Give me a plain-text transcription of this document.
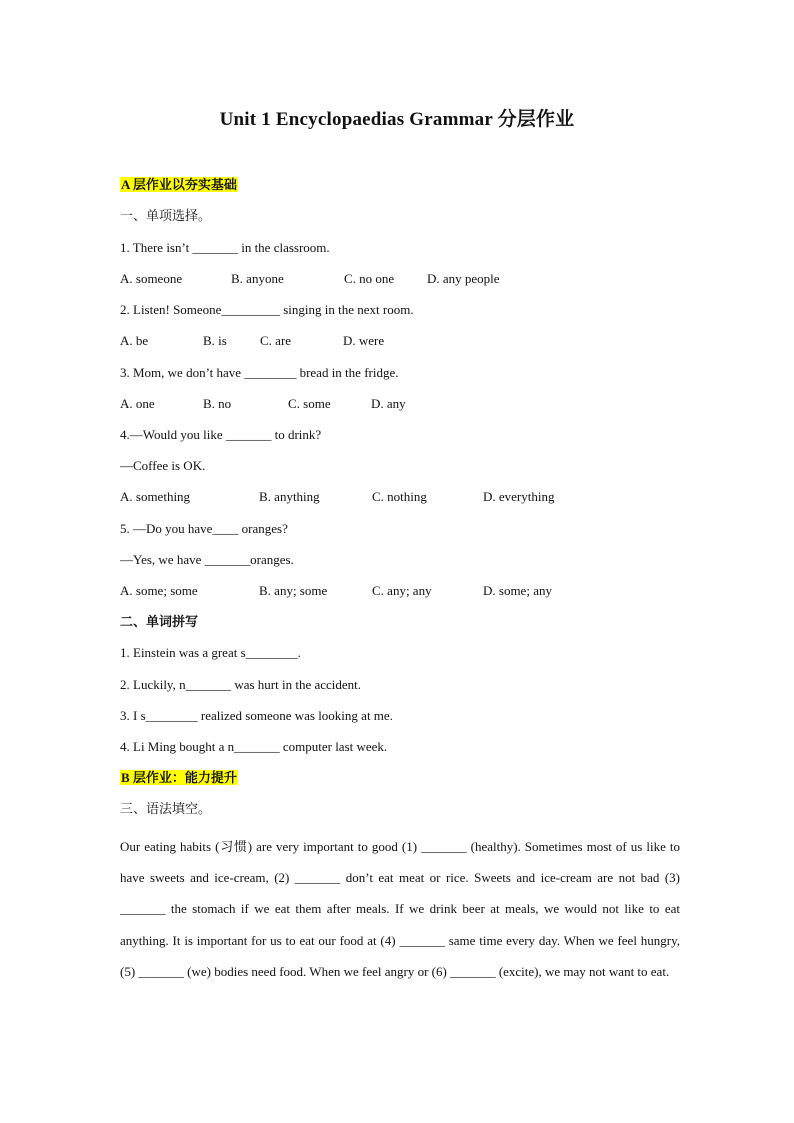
Unit 1 Encyclopaedias Grammar 分层作业
A 层作业以夯实基础
一、单项选择。
1. There isn’t _______ in the classroom.
A. someone	B. anyone	C. no one	D. any people
2. Listen! Someone_________ singing in the next room.
A. be	B. is	C. are	D. were
3. Mom, we don’t have ________ bread in the fridge.
A. one	B. no	C. some	D. any
4.—Would you like _______ to drink?
—Coffee is OK.
A. something	B. anything	C. nothing	D. everything
5. —Do you have____ oranges?
—Yes, we have _______oranges.
A. some; some	B. any; some	C. any; any	D. some; any
二、单词拼写
1. Einstein was a great s________.
2. Luckily, n_______ was hurt in the accident.
3. I s________ realized someone was looking at me.
4. Li Ming bought a n_______ computer last week.
B 层作业：能力提升
三、语法填空。
Our eating habits (习惯) are very important to good (1) _______ (healthy). Sometimes most of us like to have sweets and ice-cream, (2) _______ don’t eat meat or rice. Sweets and ice-cream are not bad (3) _______ the stomach if we eat them after meals. If we drink beer at meals, we would not like to eat anything. It is important for us to eat our food at (4) _______ same time every day. When we feel hungry, (5) _______ (we) bodies need food. When we feel angry or (6) _______ (excite), we may not want to eat.
